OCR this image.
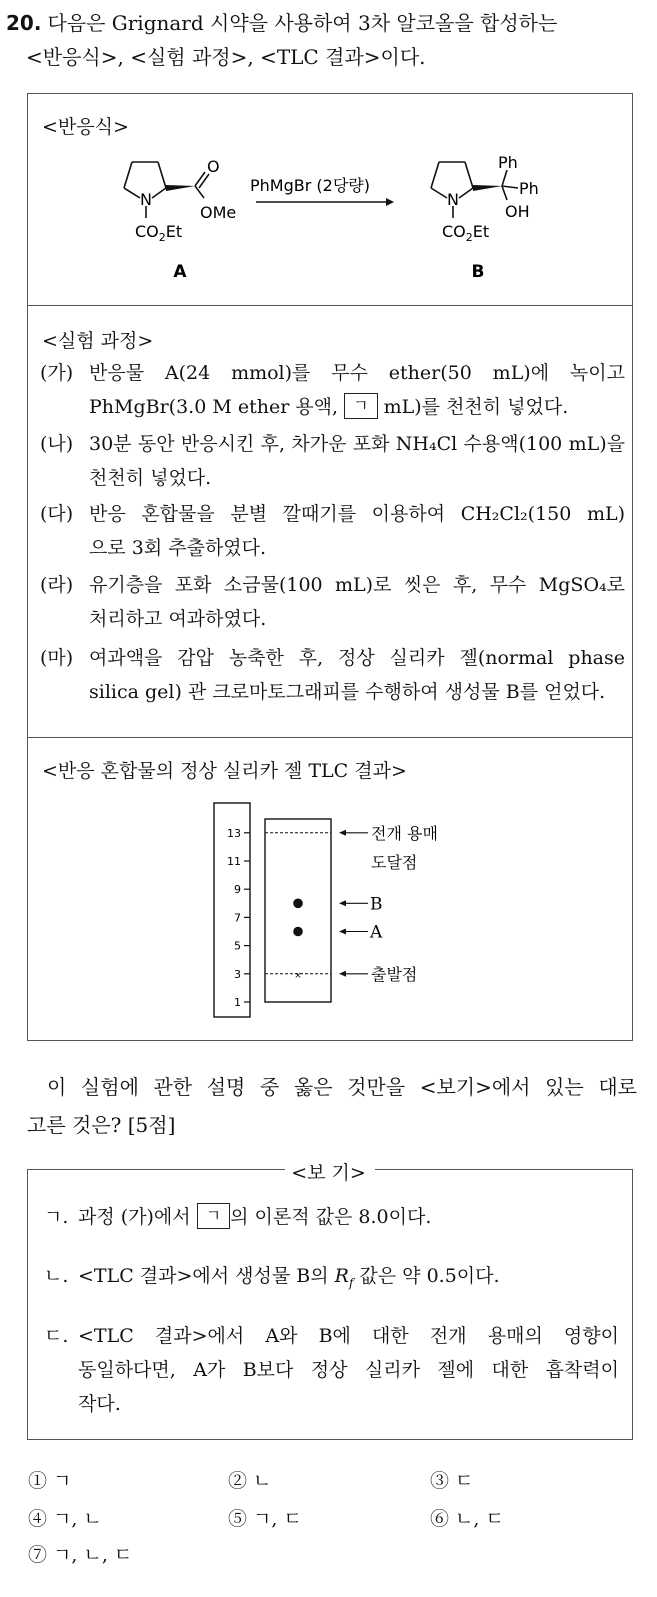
20. 다음은 Grignard 시약을 사용하여 3차 알코올을 합성하는
<반응식>, <실험 과정>, <TLC 결과>이다.
<반응식>
N
O
OMe
$CO_2Et$
A
PhMgBr (2당량)
N
Ph
Ph
OH
$CO_2Et$
B
<실험 과정>
(가) 반응물 A(24 mmol)를 무수 ether(50 mL)에 녹이고
PhMgBr(3.0 M ether 용액, ㄱ mL)를 천천히 넣었다.
(나) 30분 동안 반응시킨 후, 차가운 포화 NH₄Cl 수용액(100 mL)을
천천히 넣었다.
(다) 반응 혼합물을 분별 깔때기를 이용하여 CH₂Cl₂(150 mL)
으로 3회 추출하였다.
(라) 유기층을 포화 소금물(100 mL)로 씻은 후, 무수 MgSO₄로
처리하고 여과하였다.
(마) 여과액을 감압 농축한 후, 정상 실리카 젤(normal phase
silica gel) 관 크로마토그래피를 수행하여 생성물 B를 얻었다.
<반응 혼합물의 정상 실리카 젤 TLC 결과>
13
11
9
7
5
3
1
×
전개 용매
도달점
B
A
출발점
이 실험에 관한 설명 중 옳은 것만을 <보기>에서 있는 대로
고른 것은? [5점]
<보 기>
ㄱ. 과정 (가)에서 ㄱ 의 이론적 값은 8.0이다.
ㄴ. <TLC 결과>에서 생성물 B의 $R_f$ 값은 약 0.5이다.
ㄷ. <TLC 결과>에서 A와 B에 대한 전개 용매의 영향이
동일하다면, A가 B보다 정상 실리카 젤에 대한 흡착력이
작다.
① ㄱ	② ㄴ	③ ㄷ
④ ㄱ, ㄴ	⑤ ㄱ, ㄷ	⑥ ㄴ, ㄷ
⑦ ㄱ, ㄴ, ㄷ
